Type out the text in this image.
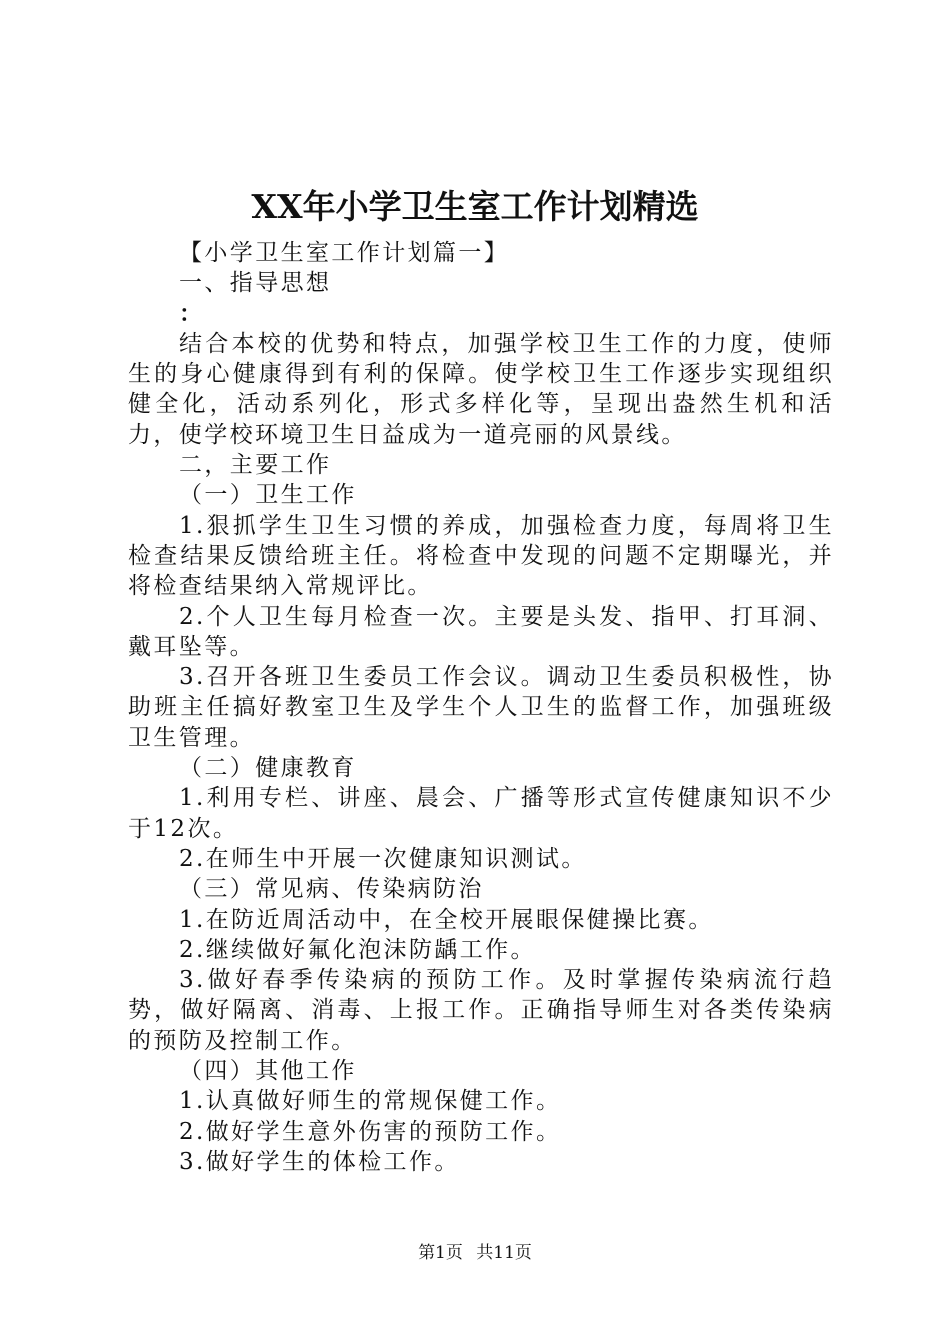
XX年小学卫生室工作计划精选

【小学卫生室工作计划篇一】

一、指导思想

：

结合本校的优势和特点，加强学校卫生工作的力度，使师生的身心健康得到有利的保障。使学校卫生工作逐步实现组织健全化，活动系列化，形式多样化等，呈现出盎然生机和活力，使学校环境卫生日益成为一道亮丽的风景线。

二，主要工作

（一）卫生工作

1.狠抓学生卫生习惯的养成，加强检查力度，每周将卫生检查结果反馈给班主任。将检查中发现的问题不定期曝光，并将检查结果纳入常规评比。

2.个人卫生每月检查一次。主要是头发、指甲、打耳洞、戴耳坠等。

3.召开各班卫生委员工作会议。调动卫生委员积极性，协助班主任搞好教室卫生及学生个人卫生的监督工作，加强班级卫生管理。

（二）健康教育

1.利用专栏、讲座、晨会、广播等形式宣传健康知识不少于12次。

2.在师生中开展一次健康知识测试。

（三）常见病、传染病防治

1.在防近周活动中，在全校开展眼保健操比赛。

2.继续做好氟化泡沫防龋工作。

3.做好春季传染病的预防工作。及时掌握传染病流行趋势，做好隔离、消毒、上报工作。正确指导师生对各类传染病的预防及控制工作。

（四）其他工作

1.认真做好师生的常规保健工作。

2.做好学生意外伤害的预防工作。

3.做好学生的体检工作。

第1页 共11页
